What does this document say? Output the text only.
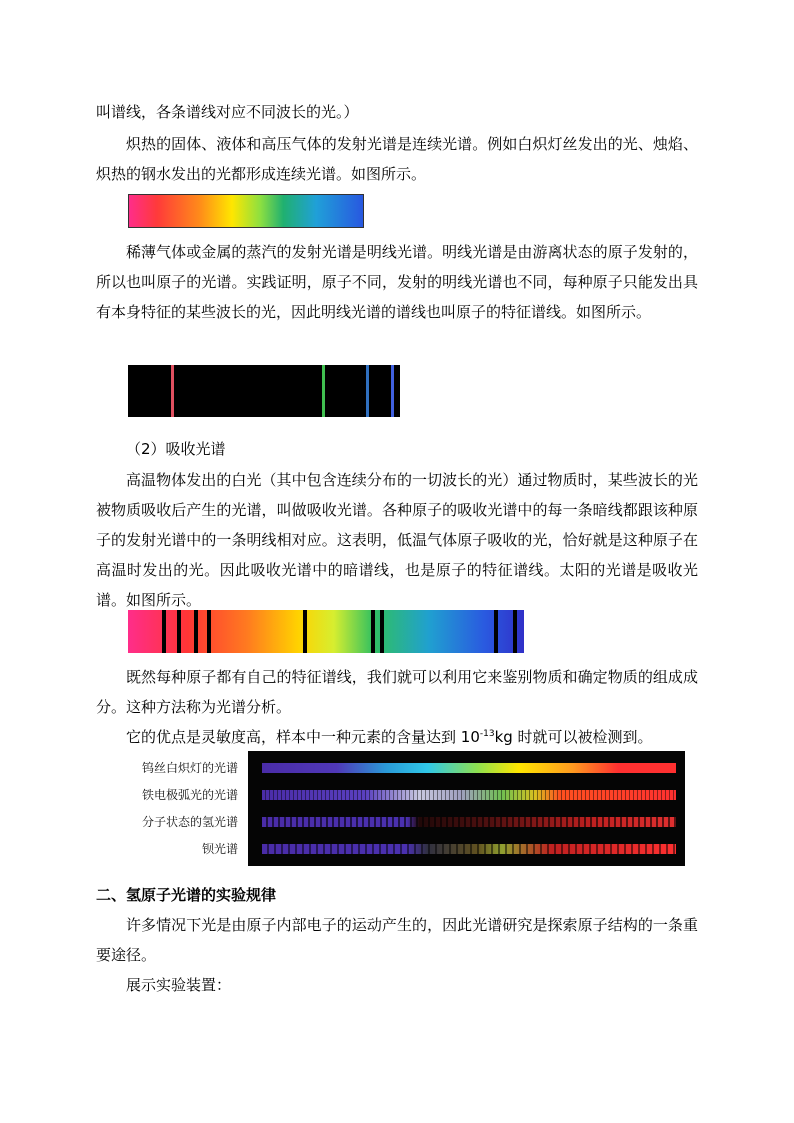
叫谱线，各条谱线对应不同波长的光。）

炽热的固体、液体和高压气体的发射光谱是连续光谱。例如白炽灯丝发出的光、烛焰、炽热的钢水发出的光都形成连续光谱。如图所示。

稀薄气体或金属的蒸汽的发射光谱是明线光谱。明线光谱是由游离状态的原子发射的，所以也叫原子的光谱。实践证明，原子不同，发射的明线光谱也不同，每种原子只能发出具有本身特征的某些波长的光，因此明线光谱的谱线也叫原子的特征谱线。如图所示。

（2）吸收光谱

高温物体发出的白光（其中包含连续分布的一切波长的光）通过物质时，某些波长的光被物质吸收后产生的光谱，叫做吸收光谱。各种原子的吸收光谱中的每一条暗线都跟该种原子的发射光谱中的一条明线相对应。这表明，低温气体原子吸收的光，恰好就是这种原子在高温时发出的光。因此吸收光谱中的暗谱线，也是原子的特征谱线。太阳的光谱是吸收光谱。如图所示。

既然每种原子都有自己的特征谱线，我们就可以利用它来鉴别物质和确定物质的组成成分。这种方法称为光谱分析。

它的优点是灵敏度高，样本中一种元素的含量达到 $10^{-13}kg$ 时就可以被检测到。

钨丝白炽灯的光谱
铁电极弧光的光谱
分子状态的氢光谱
钡光谱

二、氢原子光谱的实验规律

许多情况下光是由原子内部电子的运动产生的，因此光谱研究是探索原子结构的一条重要途径。

展示实验装置：
